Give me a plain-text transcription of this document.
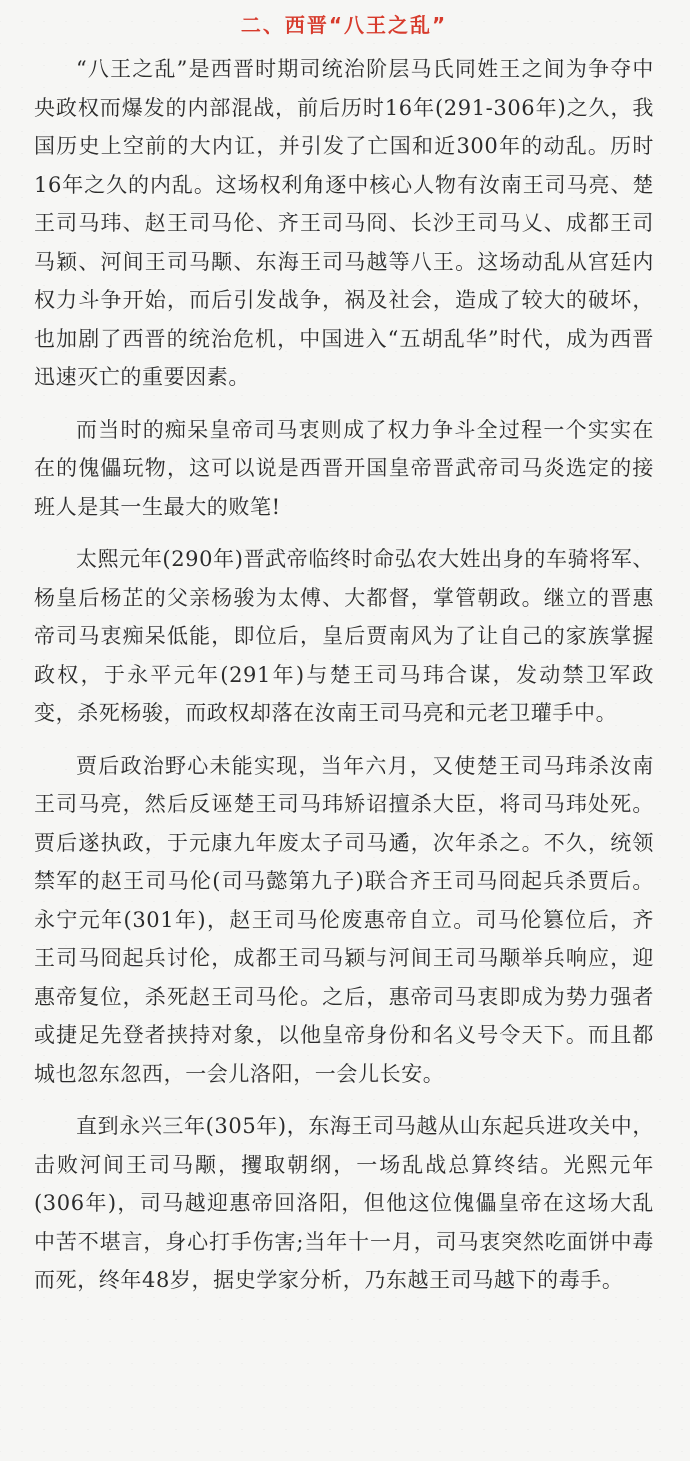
二、西晋“八王之乱”

“八王之乱”是西晋时期司统治阶层马氏同姓王之间为争夺中央政权而爆发的内部混战，前后历时16年(291-306年)之久，我国历史上空前的大内讧，并引发了亡国和近300年的动乱。历时16年之久的内乱。这场权利角逐中核心人物有汝南王司马亮、楚王司马玮、赵王司马伦、齐王司马冏、长沙王司马乂、成都王司马颖、河间王司马颙、东海王司马越等八王。这场动乱从宫廷内权力斗争开始，而后引发战争，祸及社会，造成了较大的破坏，也加剧了西晋的统治危机，中国进入“五胡乱华”时代，成为西晋迅速灭亡的重要因素。

而当时的痴呆皇帝司马衷则成了权力争斗全过程一个实实在在的傀儡玩物，这可以说是西晋开国皇帝晋武帝司马炎选定的接班人是其一生最大的败笔!

太熙元年(290年)晋武帝临终时命弘农大姓出身的车骑将军、杨皇后杨芷的父亲杨骏为太傅、大都督，掌管朝政。继立的晋惠帝司马衷痴呆低能，即位后，皇后贾南风为了让自己的家族掌握政权，于永平元年(291年)与楚王司马玮合谋，发动禁卫军政变，杀死杨骏，而政权却落在汝南王司马亮和元老卫瓘手中。

贾后政治野心未能实现，当年六月，又使楚王司马玮杀汝南王司马亮，然后反诬楚王司马玮矫诏擅杀大臣，将司马玮处死。贾后遂执政，于元康九年废太子司马遹，次年杀之。不久，统领禁军的赵王司马伦(司马懿第九子)联合齐王司马冏起兵杀贾后。永宁元年(301年)，赵王司马伦废惠帝自立。司马伦篡位后，齐王司马冏起兵讨伦，成都王司马颖与河间王司马颙举兵响应，迎惠帝复位，杀死赵王司马伦。之后，惠帝司马衷即成为势力强者或捷足先登者挟持对象，以他皇帝身份和名义号令天下。而且都城也忽东忽西，一会儿洛阳，一会儿长安。

直到永兴三年(305年)，东海王司马越从山东起兵进攻关中，击败河间王司马颙，攫取朝纲，一场乱战总算终结。光熙元年(306年)，司马越迎惠帝回洛阳，但他这位傀儡皇帝在这场大乱中苦不堪言，身心打手伤害;当年十一月，司马衷突然吃面饼中毒而死，终年48岁，据史学家分析，乃东越王司马越下的毒手。
